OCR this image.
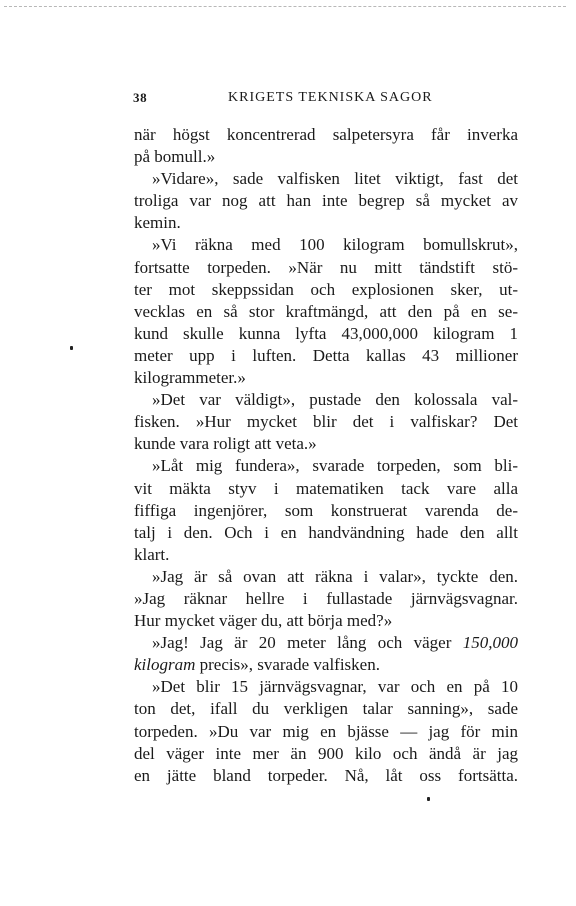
38	KRIGETS TEKNISKA SAGOR
när högst koncentrerad salpetersyra får inverka
på bomull.»
»Vidare», sade valfisken litet viktigt, fast det
troliga var nog att han inte begrep så mycket av
kemin.
»Vi räkna med 100 kilogram bomullskrut»,
fortsatte torpeden. »När nu mitt tändstift stö-
ter mot skeppssidan och explosionen sker, ut-
vecklas en så stor kraftmängd, att den på en se-
kund skulle kunna lyfta 43,000,000 kilogram 1
meter upp i luften. Detta kallas 43 millioner
kilogrammeter.»
»Det var väldigt», pustade den kolossala val-
fisken. »Hur mycket blir det i valfiskar? Det
kunde vara roligt att veta.»
»Låt mig fundera», svarade torpeden, som bli-
vit mäkta styv i matematiken tack vare alla
fiffiga ingenjörer, som konstruerat varenda de-
talj i den. Och i en handvändning hade den allt
klart.
»Jag är så ovan att räkna i valar», tyckte den.
»Jag räknar hellre i fullastade järnvägsvagnar.
Hur mycket väger du, att börja med?»
»Jag! Jag är 20 meter lång och väger 150,000
kilogram precis», svarade valfisken.
»Det blir 15 järnvägsvagnar, var och en på 10
ton det, ifall du verkligen talar sanning», sade
torpeden. »Du var mig en bjässe — jag för min
del väger inte mer än 900 kilo och ändå är jag
en jätte bland torpeder. Nå, låt oss fortsätta.
